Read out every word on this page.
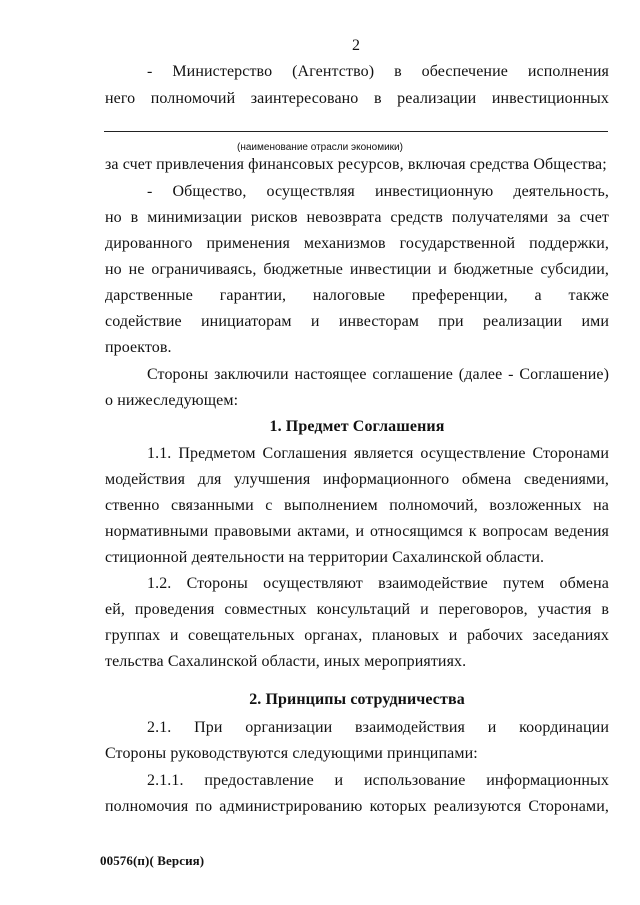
2
- Министерство (Агентство) в обеспечение исполнения
него полномочий заинтересовано в реализации инвестиционных
(наименование отрасли экономики)
за счет привлечения финансовых ресурсов, включая средства Общества;
- Общество, осуществляя инвестиционную деятельность,
но в минимизации рисков невозврата средств получателями за счет
дированного применения механизмов государственной поддержки,
но не ограничиваясь, бюджетные инвестиции и бюджетные субсидии,
дарственные гарантии, налоговые преференции, а также
содействие инициаторам и инвесторам при реализации ими
проектов.
Стороны заключили настоящее соглашение (далее - Соглашение)
о нижеследующем:
1. Предмет Соглашения
1.1. Предметом Соглашения является осуществление Сторонами
модействия для улучшения информационного обмена сведениями,
ственно связанными с выполнением полномочий, возложенных на
нормативными правовыми актами, и относящимся к вопросам ведения
стиционной деятельности на территории Сахалинской области.
1.2. Стороны осуществляют взаимодействие путем обмена
ей, проведения совместных консультаций и переговоров, участия в
группах и совещательных органах, плановых и рабочих заседаниях
тельства Сахалинской области, иных мероприятиях.
2. Принципы сотрудничества
2.1. При организации взаимодействия и координации
Стороны руководствуются следующими принципами:
2.1.1. предоставление и использование информационных
полномочия по администрированию которых реализуются Сторонами,
00576(п)( Версия)
